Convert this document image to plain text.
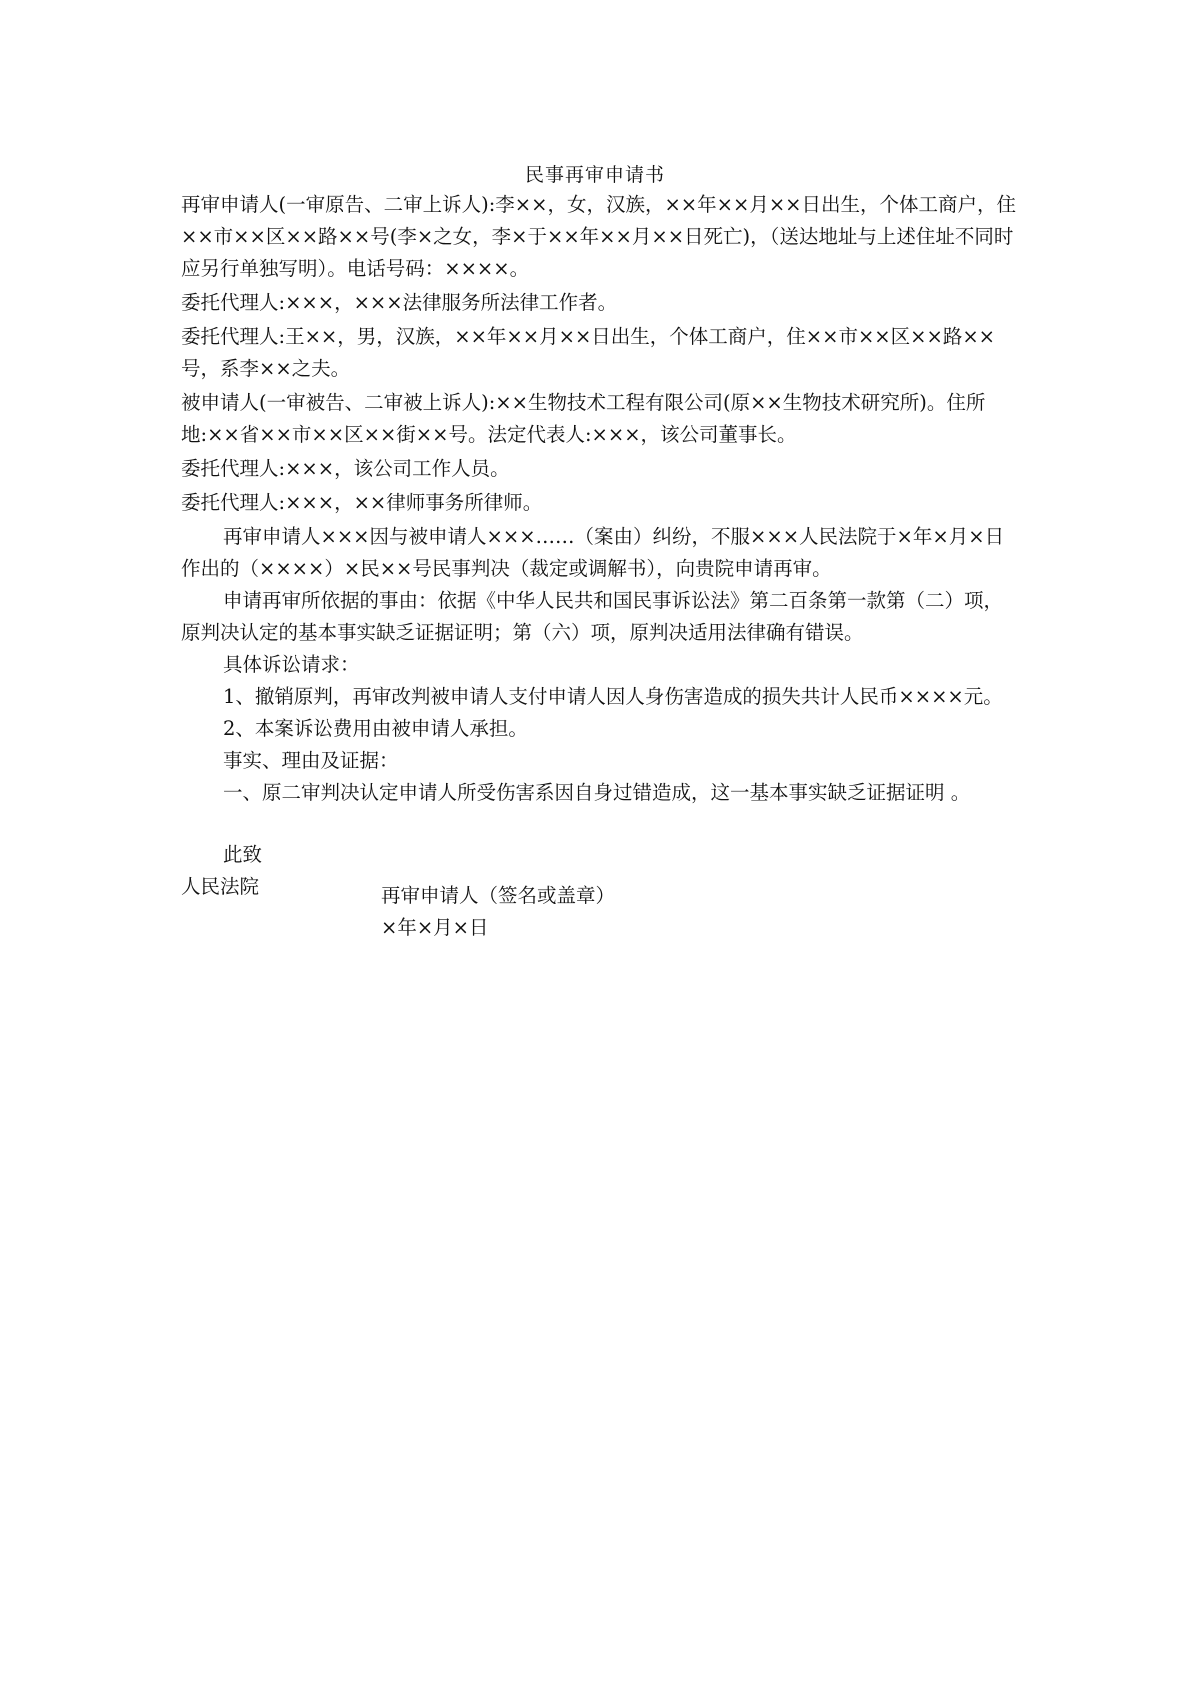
民事再审申请书

再审申请人(一审原告、二审上诉人):李××，女，汉族，××年××月××日出生，个体工商户，住××市××区××路××号(李×之女，李×于××年××月××日死亡)，（送达地址与上述住址不同时应另行单独写明）。电话号码：××××。

委托代理人:×××，×××法律服务所法律工作者。

委托代理人:王××，男，汉族，××年××月××日出生，个体工商户，住××市××区××路××号，系李××之夫。

被申请人(一审被告、二审被上诉人):××生物技术工程有限公司(原××生物技术研究所)。住所地:××省××市××区××街××号。法定代表人:×××，该公司董事长。

委托代理人:×××，该公司工作人员。

委托代理人:×××，××律师事务所律师。

再审申请人×××因与被申请人×××……（案由）纠纷，不服×××人民法院于×年×月×日作出的（××××）×民××号民事判决（裁定或调解书），向贵院申请再审。

申请再审所依据的事由：依据《中华人民共和国民事诉讼法》第二百条第一款第（二）项，原判决认定的基本事实缺乏证据证明；第（六）项，原判决适用法律确有错误。

具体诉讼请求：

1、撤销原判，再审改判被申请人支付申请人因人身伤害造成的损失共计人民币××××元。

2、本案诉讼费用由被申请人承担。

事实、理由及证据：

一、原二审判决认定申请人所受伤害系因自身过错造成，这一基本事实缺乏证据证明 。

此致

人民法院	再审申请人（签名或盖章）
×年×月×日
